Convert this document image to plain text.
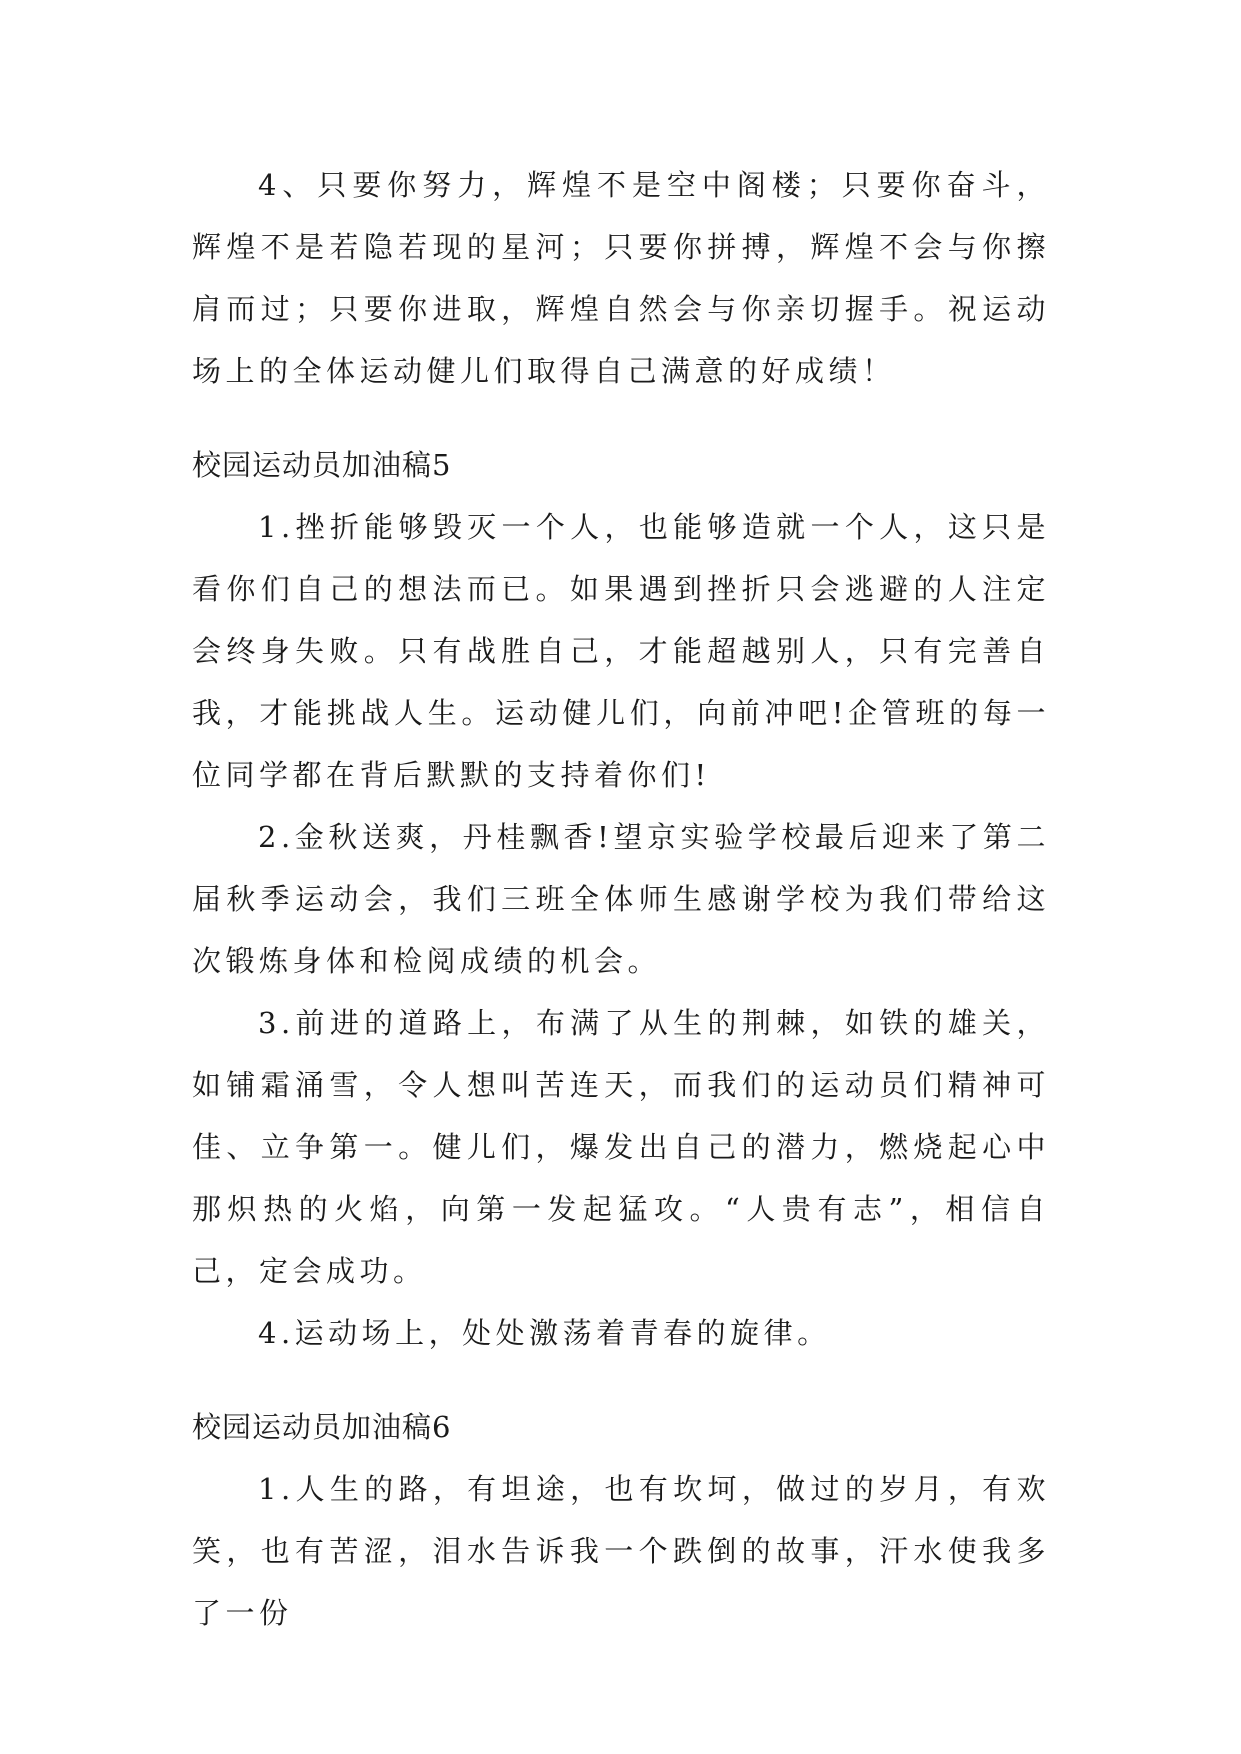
4、只要你努力，辉煌不是空中阁楼；只要你奋斗，辉煌不是若隐若现的星河；只要你拼搏，辉煌不会与你擦肩而过；只要你进取，辉煌自然会与你亲切握手。祝运动场上的全体运动健儿们取得自己满意的好成绩！

校园运动员加油稿5

1.挫折能够毁灭一个人，也能够造就一个人，这只是看你们自己的想法而已。如果遇到挫折只会逃避的人注定会终身失败。只有战胜自己，才能超越别人，只有完善自我，才能挑战人生。运动健儿们，向前冲吧!企管班的每一位同学都在背后默默的支持着你们!

2.金秋送爽，丹桂飘香!望京实验学校最后迎来了第二届秋季运动会，我们三班全体师生感谢学校为我们带给这次锻炼身体和检阅成绩的机会。

3.前进的道路上，布满了从生的荆棘，如铁的雄关，如铺霜涌雪，令人想叫苦连天，而我们的运动员们精神可佳、立争第一。健儿们，爆发出自己的潜力，燃烧起心中那炽热的火焰，向第一发起猛攻。“人贵有志”，相信自己，定会成功。

4.运动场上，处处激荡着青春的旋律。

校园运动员加油稿6

1.人生的路，有坦途，也有坎坷，做过的岁月，有欢笑，也有苦涩，泪水告诉我一个跌倒的故事，汗水使我多了一份
